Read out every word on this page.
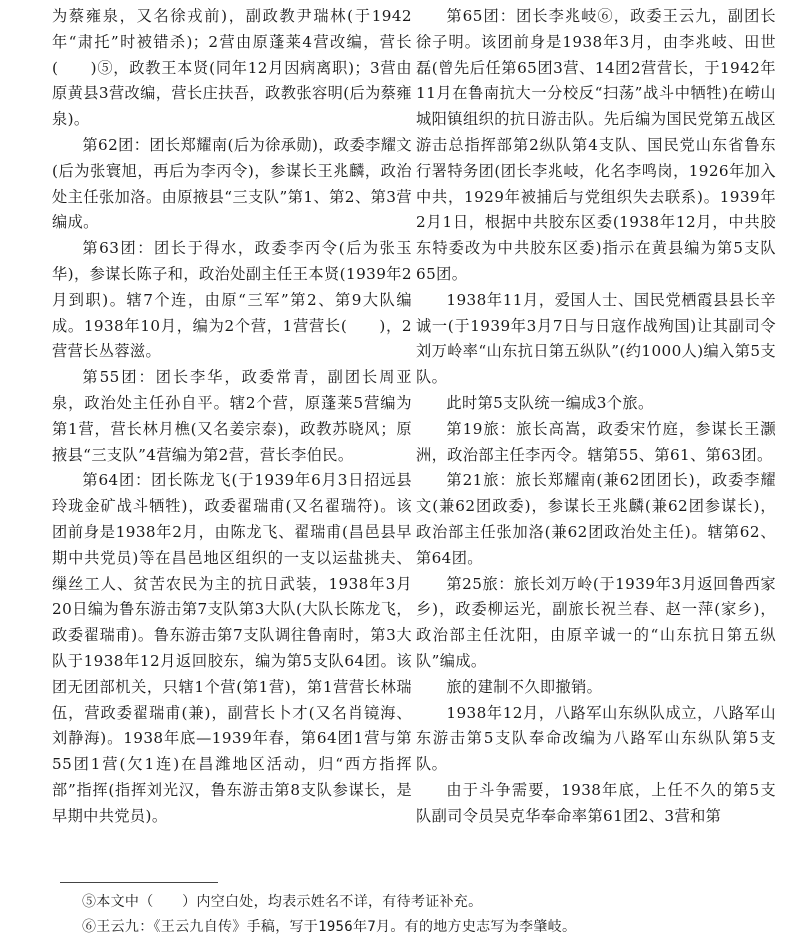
为蔡雍泉，又名徐戎前)，副政教尹瑞林(于1942年“肃托”时被错杀)；2营由原蓬莱4营改编，营长(　　)⑤，政教王本贤(同年12月因病离职)；3营由原黄县3营改编，营长庄扶吾，政教张容明(后为蔡雍泉)。

第62团：团长郑耀南(后为徐承勋)，政委李耀文(后为张寰旭，再后为李丙令)，参谋长王兆麟，政治处主任张加洛。由原掖县“三支队”第1、第2、第3营编成。

第63团：团长于得水，政委李丙令(后为张玉华)，参谋长陈子和，政治处副主任王本贤(1939年2月到职)。辖7个连，由原“三军”第2、第9大队编成。1938年10月，编为2个营，1营营长(　　)，2营营长丛蓉滋。

第55团：团长李华，政委常青，副团长周亚泉，政治处主任孙自平。辖2个营，原蓬莱5营编为第1营，营长林月樵(又名姜宗泰)，政教苏晓风；原掖县“三支队”4营编为第2营，营长李伯民。

第64团：团长陈龙飞(于1939年6月3日招远县玲珑金矿战斗牺牲)，政委翟瑞甫(又名翟瑞符)。该团前身是1938年2月，由陈龙飞、翟瑞甫(昌邑县早期中共党员)等在昌邑地区组织的一支以运盐挑夫、缫丝工人、贫苦农民为主的抗日武装，1938年3月20日编为鲁东游击第7支队第3大队(大队长陈龙飞，政委翟瑞甫)。鲁东游击第7支队调往鲁南时，第3大队于1938年12月返回胶东，编为第5支队64团。该团无团部机关，只辖1个营(第1营)，第1营营长林瑞伍，营政委翟瑞甫(兼)，副营长卜才(又名肖镜海、刘静海)。1938年底—1939年春，第64团1营与第55团1营(欠1连)在昌潍地区活动，归“西方指挥部”指挥(指挥刘光汉，鲁东游击第8支队参谋长，是早期中共党员)。

第65团：团长李兆岐⑥，政委王云九，副团长徐子明。该团前身是1938年3月，由李兆岐、田世磊(曾先后任第65团3营、14团2营营长，于1942年11月在鲁南抗大一分校反“扫荡”战斗中牺牲)在崂山城阳镇组织的抗日游击队。先后编为国民党第五战区游击总指挥部第2纵队第4支队、国民党山东省鲁东行署特务团(团长李兆岐，化名李鸣岗，1926年加入中共，1929年被捕后与党组织失去联系)。1939年2月1日，根据中共胶东区委(1938年12月，中共胶东特委改为中共胶东区委)指示在黄县编为第5支队65团。

1938年11月，爱国人士、国民党栖霞县县长辛诚一(于1939年3月7日与日寇作战殉国)让其副司令刘万岭率“山东抗日第五纵队”(约1000人)编入第5支队。

此时第5支队统一编成3个旅。

第19旅：旅长高嵩，政委宋竹庭，参谋长王灏洲，政治部主任李丙令。辖第55、第61、第63团。

第21旅：旅长郑耀南(兼62团团长)，政委李耀文(兼62团政委)，参谋长王兆麟(兼62团参谋长)，政治部主任张加洛(兼62团政治处主任)。辖第62、第64团。

第25旅：旅长刘万岭(于1939年3月返回鲁西家乡)，政委柳运光，副旅长祝兰春、赵一萍(家乡)，政治部主任沈阳，由原辛诚一的“山东抗日第五纵队”编成。

旅的建制不久即撤销。

1938年12月，八路军山东纵队成立，八路军山东游击第5支队奉命改编为八路军山东纵队第5支队。

由于斗争需要，1938年底，上任不久的第5支队副司令员吴克华奉命率第61团2、3营和第

⑤本文中（　　）内空白处，均表示姓名不详，有待考证补充。

⑥王云九：《王云九自传》手稿，写于1956年7月。有的地方史志写为李肇岐。
